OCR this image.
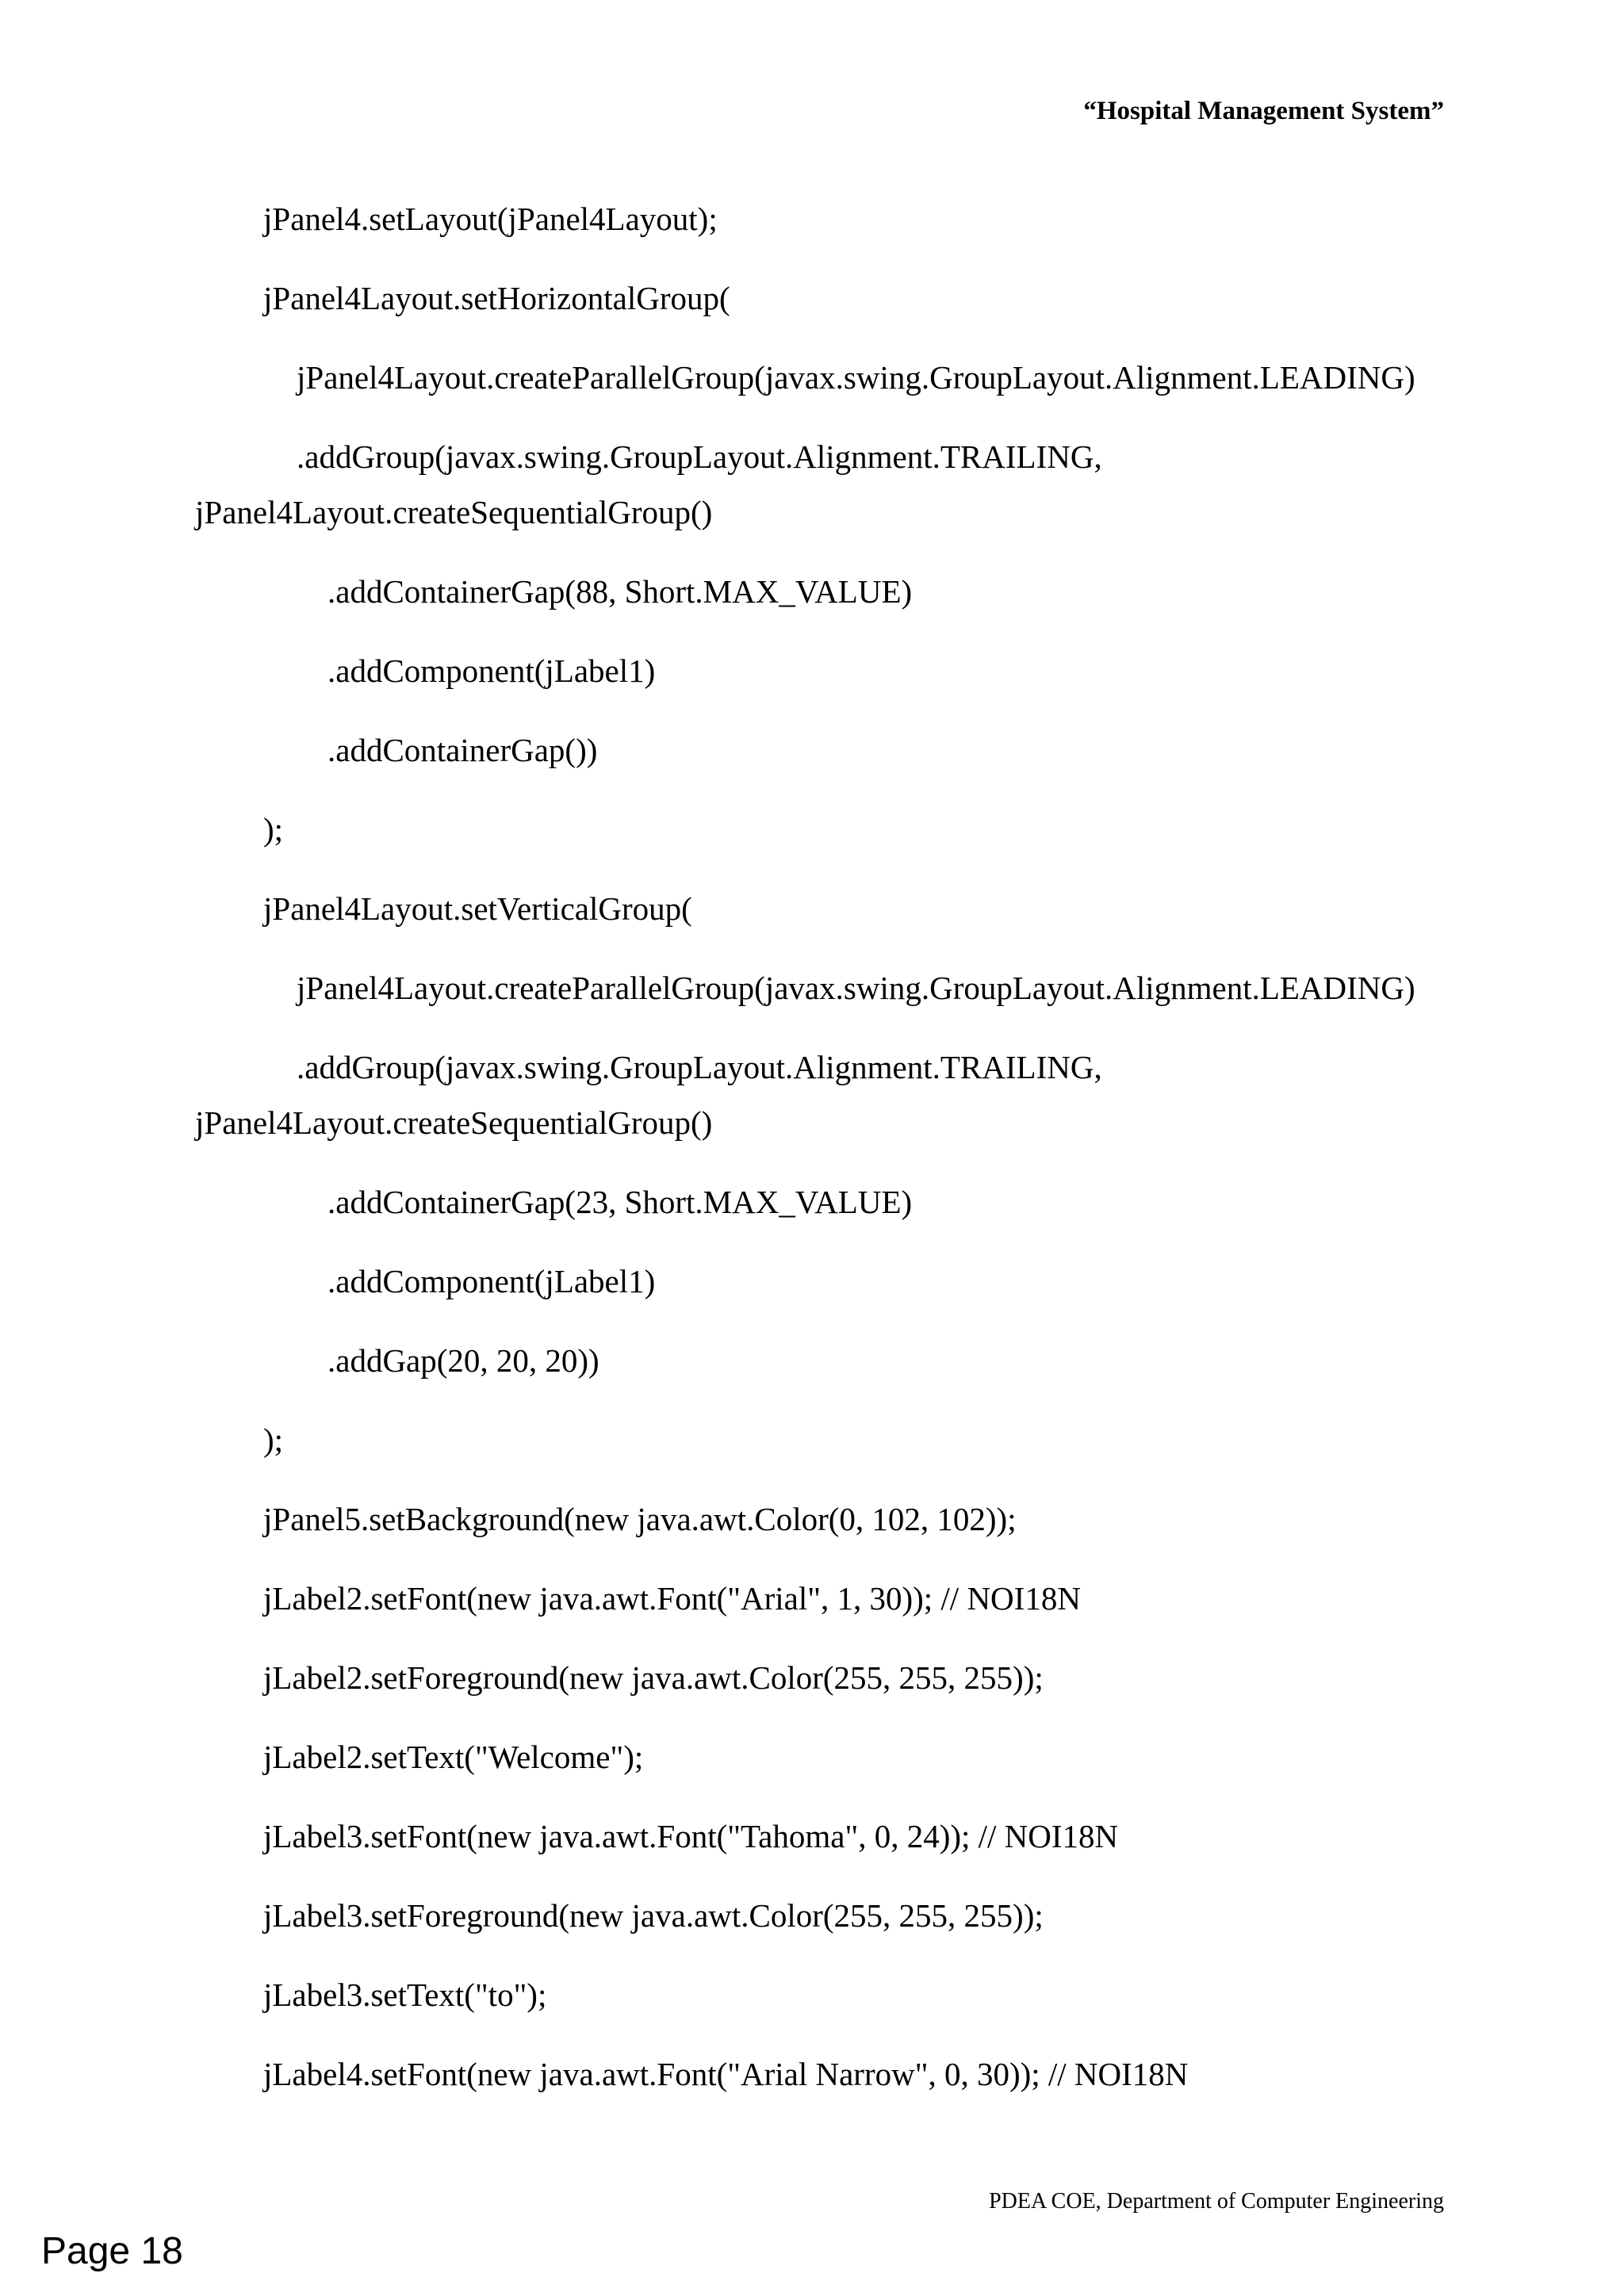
“Hospital Management System”
jPanel4.setLayout(jPanel4Layout);
jPanel4Layout.setHorizontalGroup(
jPanel4Layout.createParallelGroup(javax.swing.GroupLayout.Alignment.LEADING)
.addGroup(javax.swing.GroupLayout.Alignment.TRAILING,
jPanel4Layout.createSequentialGroup()
.addContainerGap(88, Short.MAX_VALUE)
.addComponent(jLabel1)
.addContainerGap())
);
jPanel4Layout.setVerticalGroup(
jPanel4Layout.createParallelGroup(javax.swing.GroupLayout.Alignment.LEADING)
.addGroup(javax.swing.GroupLayout.Alignment.TRAILING,
jPanel4Layout.createSequentialGroup()
.addContainerGap(23, Short.MAX_VALUE)
.addComponent(jLabel1)
.addGap(20, 20, 20))
);
jPanel5.setBackground(new java.awt.Color(0, 102, 102));
jLabel2.setFont(new java.awt.Font("Arial", 1, 30)); // NOI18N
jLabel2.setForeground(new java.awt.Color(255, 255, 255));
jLabel2.setText("Welcome");
jLabel3.setFont(new java.awt.Font("Tahoma", 0, 24)); // NOI18N
jLabel3.setForeground(new java.awt.Color(255, 255, 255));
jLabel3.setText("to");
jLabel4.setFont(new java.awt.Font("Arial Narrow", 0, 30)); // NOI18N
PDEA COE, Department of Computer Engineering
Page 18
